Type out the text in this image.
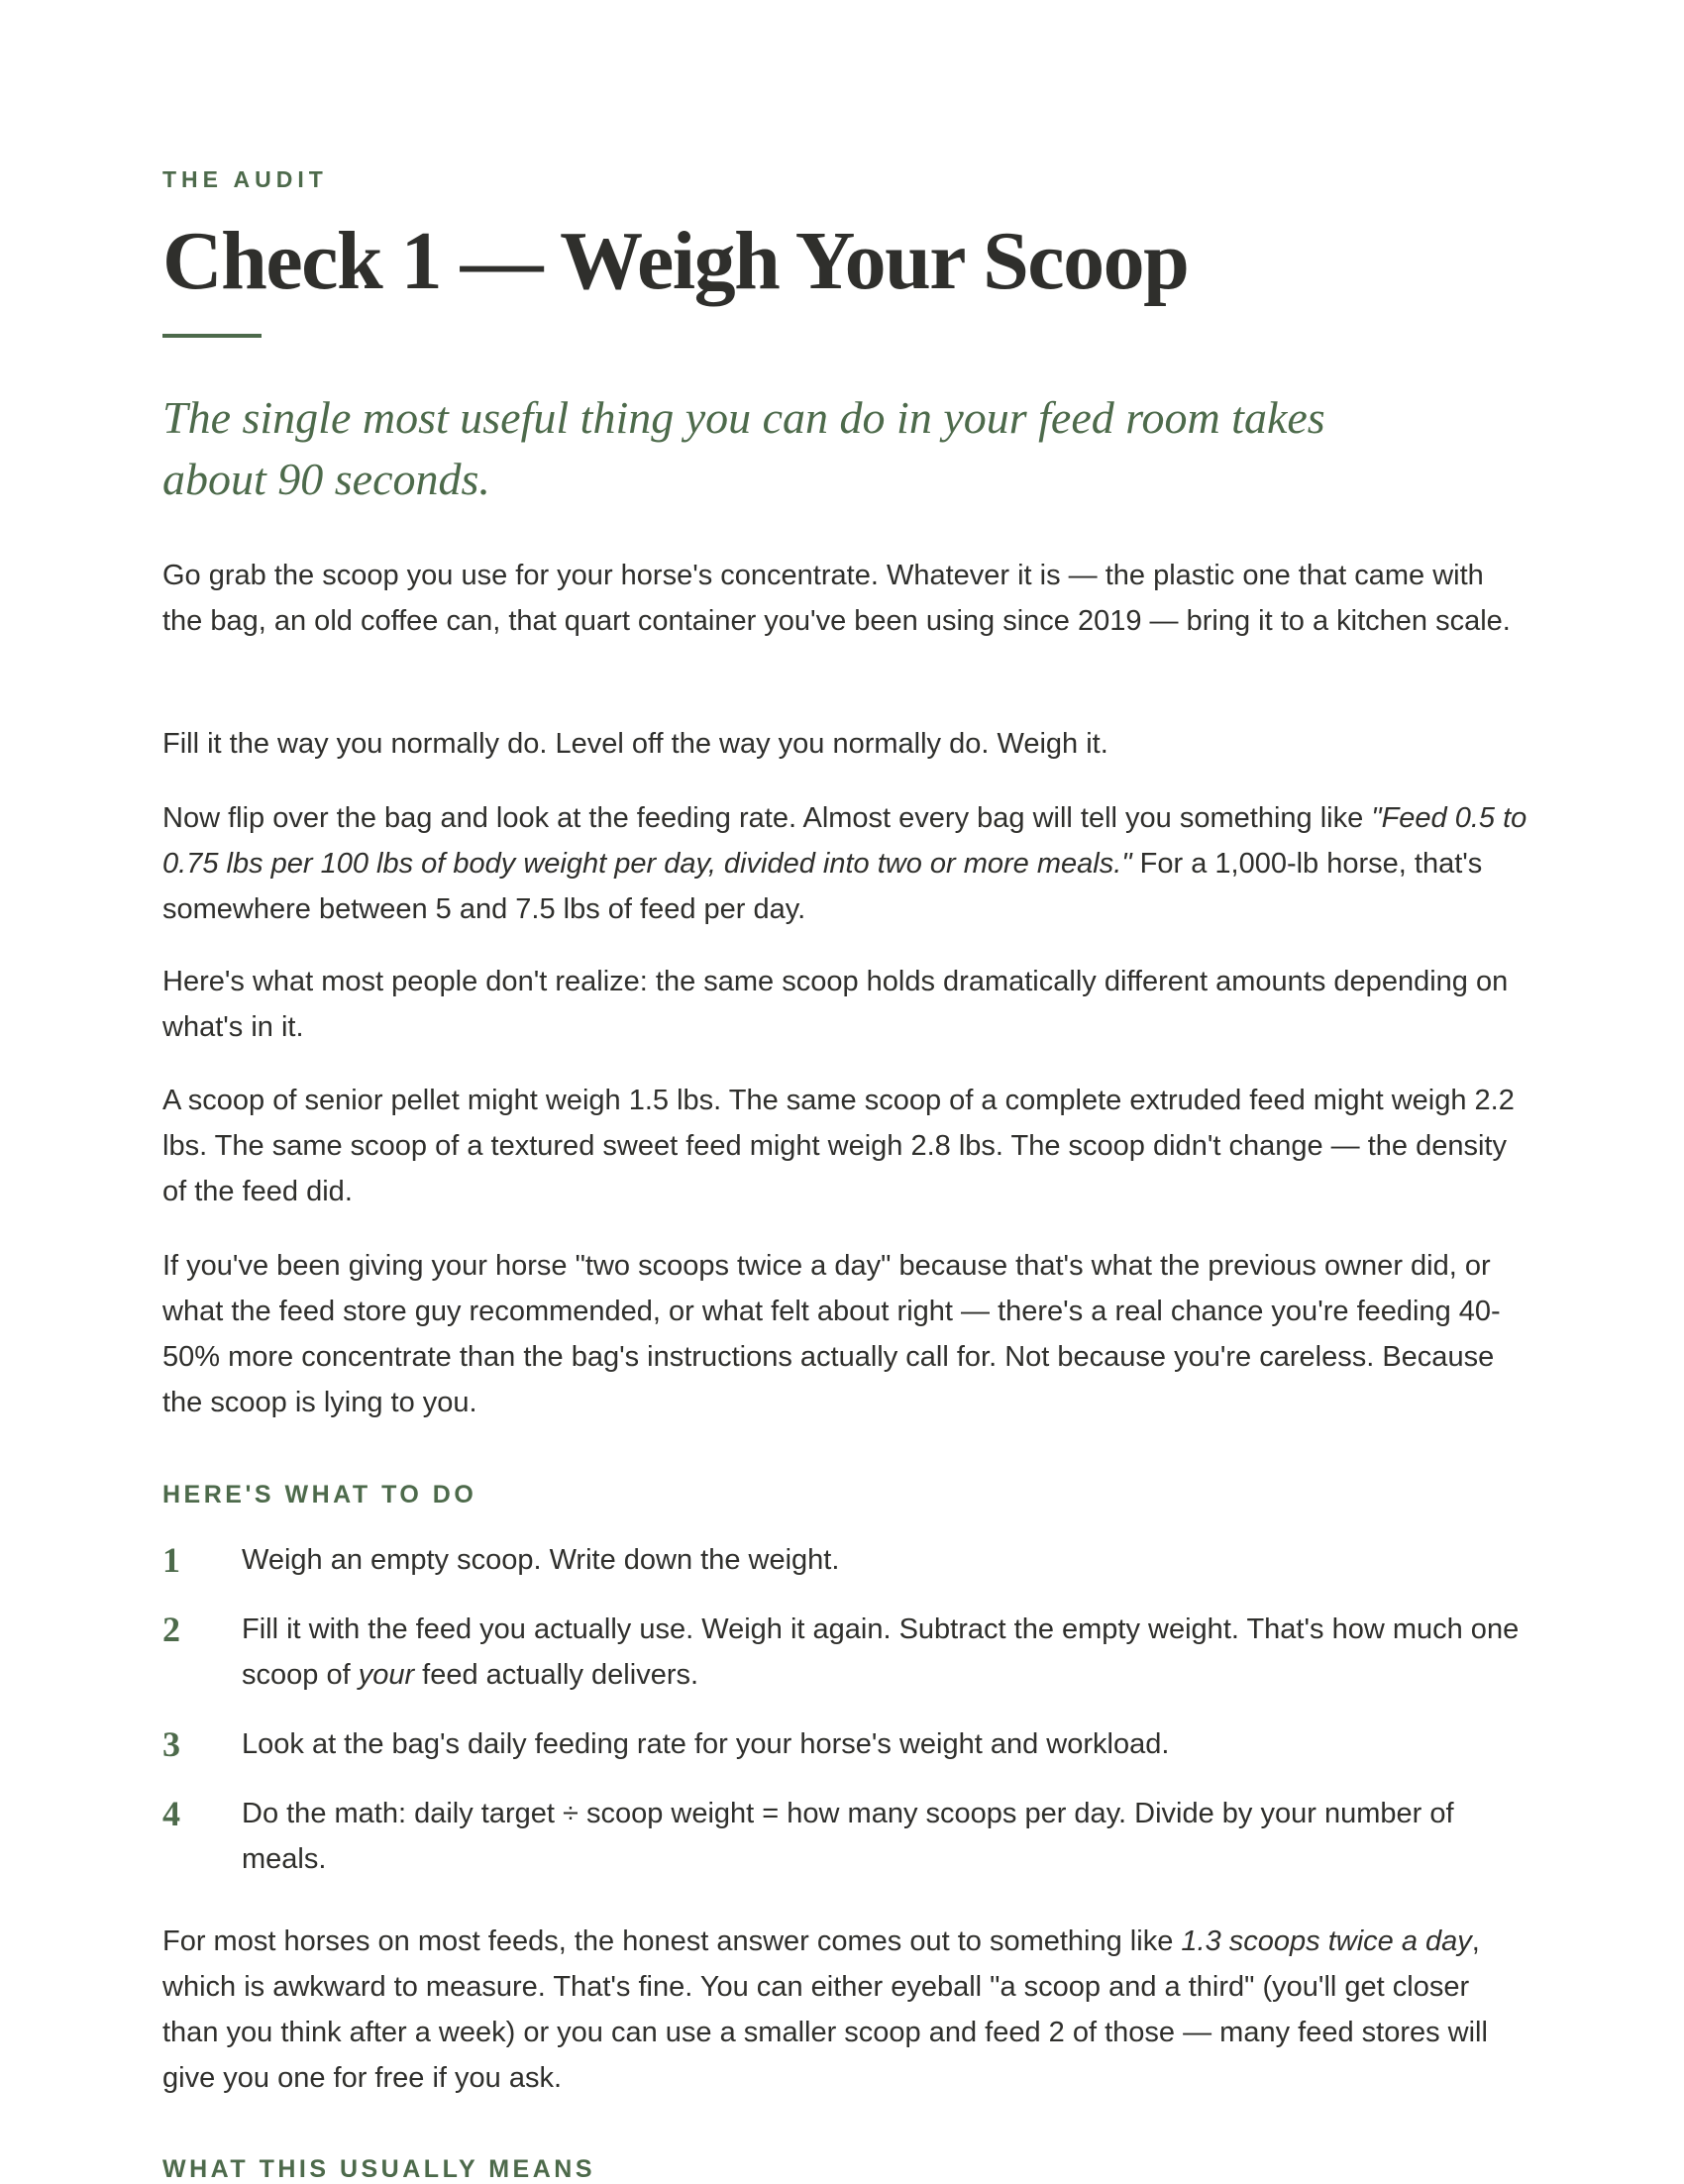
THE AUDIT

Check 1 — Weigh Your Scoop

The single most useful thing you can do in your feed room takes about 90 seconds.

Go grab the scoop you use for your horse's concentrate. Whatever it is — the plastic one that came with the bag, an old coffee can, that quart container you've been using since 2019 — bring it to a kitchen scale.

Fill it the way you normally do. Level off the way you normally do. Weigh it.

Now flip over the bag and look at the feeding rate. Almost every bag will tell you something like "Feed 0.5 to 0.75 lbs per 100 lbs of body weight per day, divided into two or more meals." For a 1,000-lb horse, that's somewhere between 5 and 7.5 lbs of feed per day.

Here's what most people don't realize: the same scoop holds dramatically different amounts depending on what's in it.

A scoop of senior pellet might weigh 1.5 lbs. The same scoop of a complete extruded feed might weigh 2.2 lbs. The same scoop of a textured sweet feed might weigh 2.8 lbs. The scoop didn't change — the density of the feed did.

If you've been giving your horse "two scoops twice a day" because that's what the previous owner did, or what the feed store guy recommended, or what felt about right — there's a real chance you're feeding 40-50% more concentrate than the bag's instructions actually call for. Not because you're careless. Because the scoop is lying to you.

HERE'S WHAT TO DO
1 Weigh an empty scoop. Write down the weight.
2 Fill it with the feed you actually use. Weigh it again. Subtract the empty weight. That's how much one scoop of your feed actually delivers.
3 Look at the bag's daily feeding rate for your horse's weight and workload.
4 Do the math: daily target ÷ scoop weight = how many scoops per day. Divide by your number of meals.

For most horses on most feeds, the honest answer comes out to something like 1.3 scoops twice a day, which is awkward to measure. That's fine. You can either eyeball "a scoop and a third" (you'll get closer than you think after a week) or you can use a smaller scoop and feed 2 of those — many feed stores will give you one for free if you ask.

WHAT THIS USUALLY MEANS
